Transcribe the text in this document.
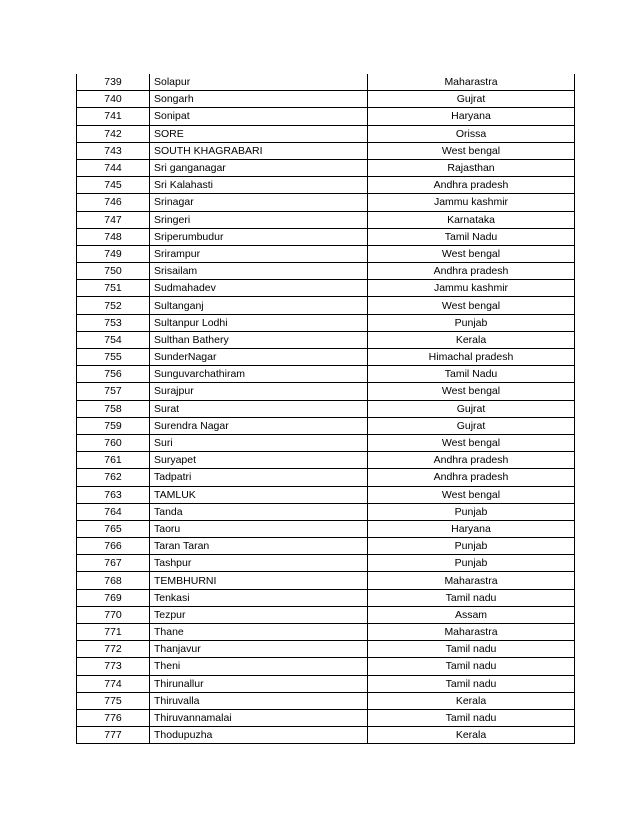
739	Solapur	Maharastra
740	Songarh	Gujrat
741	Sonipat	Haryana
742	SORE	Orissa
743	SOUTH KHAGRABARI	West bengal
744	Sri ganganagar	Rajasthan
745	Sri Kalahasti	Andhra pradesh
746	Srinagar	Jammu kashmir
747	Sringeri	Karnataka
748	Sriperumbudur	Tamil Nadu
749	Srirampur	West bengal
750	Srisailam	Andhra pradesh
751	Sudmahadev	Jammu kashmir
752	Sultanganj	West bengal
753	Sultanpur Lodhi	Punjab
754	Sulthan Bathery	Kerala
755	SunderNagar	Himachal pradesh
756	Sunguvarchathiram	Tamil Nadu
757	Surajpur	West bengal
758	Surat	Gujrat
759	Surendra Nagar	Gujrat
760	Suri	West bengal
761	Suryapet	Andhra pradesh
762	Tadpatri	Andhra pradesh
763	TAMLUK	West bengal
764	Tanda	Punjab
765	Taoru	Haryana
766	Taran Taran	Punjab
767	Tashpur	Punjab
768	TEMBHURNI	Maharastra
769	Tenkasi	Tamil nadu
770	Tezpur	Assam
771	Thane	Maharastra
772	Thanjavur	Tamil nadu
773	Theni	Tamil nadu
774	Thirunallur	Tamil nadu
775	Thiruvalla	Kerala
776	Thiruvannamalai	Tamil nadu
777	Thodupuzha	Kerala
